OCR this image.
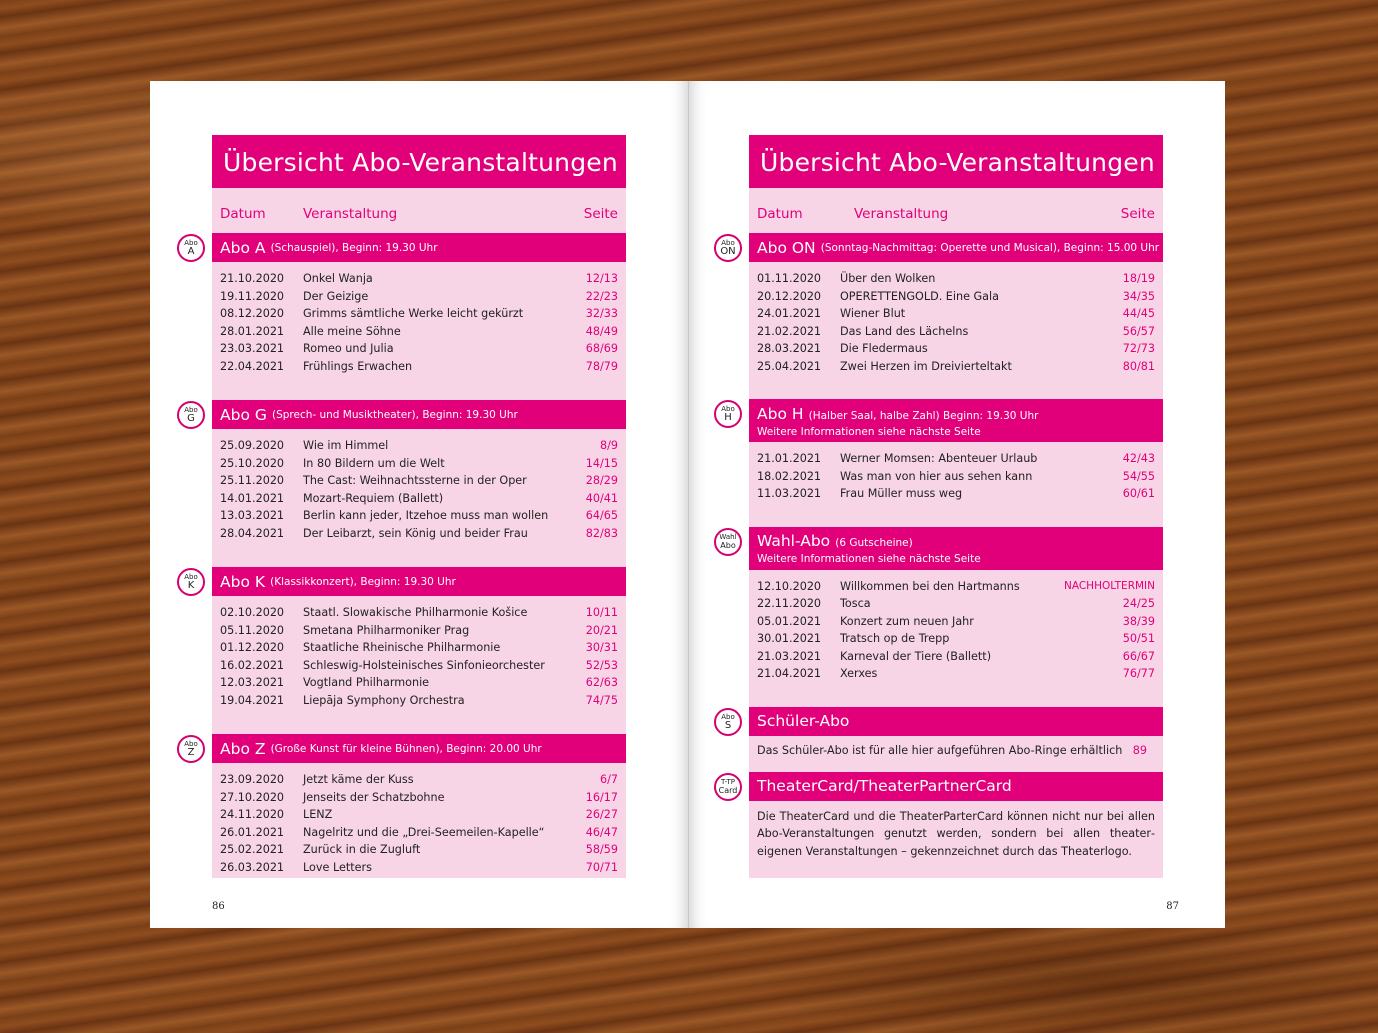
Übersicht Abo-Veranstaltungen
Datum	Veranstaltung	Seite
Abo
A Abo A
(Schauspiel), Beginn: 19.30 Uhr
21.10.2020 Onkel Wanja	12/13
19.11.2020 Der Geizige	22/23
08.12.2020 Grimms sämtliche Werke leicht gekürzt	32/33
28.01.2021 Alle meine Söhne	48/49
23.03.2021 Romeo und Julia	68/69
22.04.2021 Frühlings Erwachen	78/79
Abo
G Abo G
(Sprech- und Musiktheater), Beginn: 19.30 Uhr
25.09.2020 Wie im Himmel	8/9
25.10.2020 In 80 Bildern um die Welt	14/15
25.11.2020 The Cast: Weihnachtssterne in der Oper	28/29
14.01.2021 Mozart-Requiem (Ballett)	40/41
13.03.2021 Berlin kann jeder, Itzehoe muss man wollen	64/65
28.04.2021 Der Leibarzt, sein König und beider Frau	82/83
Abo
K Abo K
(Klassikkonzert), Beginn: 19.30 Uhr
02.10.2020 Staatl. Slowakische Philharmonie Košice	10/11
05.11.2020 Smetana Philharmoniker Prag	20/21
01.12.2020 Staatliche Rheinische Philharmonie	30/31
16.02.2021 Schleswig-Holsteinisches Sinfonieorchester	52/53
12.03.2021 Vogtland Philharmonie	62/63
19.04.2021 Liepāja Symphony Orchestra	74/75
Abo
Z Abo Z
(Große Kunst für kleine Bühnen), Beginn: 20.00 Uhr
23.09.2020 Jetzt käme der Kuss	6/7
27.10.2020 Jenseits der Schatzbohne	16/17
24.11.2020 LENZ	26/27
26.01.2021 Nagelritz und die „Drei-Seemeilen-Kapelle“	46/47
25.02.2021 Zurück in die Zugluft	58/59
26.03.2021 Love Letters	70/71
86
Übersicht Abo-Veranstaltungen
Datum	Veranstaltung	Seite
Abo
ON Abo ON
(Sonntag-Nachmittag: Operette und Musical), Beginn: 15.00 Uhr
01.11.2020 Über den Wolken	18/19
20.12.2020 OPERETTENGOLD. Eine Gala	34/35
24.01.2021 Wiener Blut	44/45
21.02.2021 Das Land des Lächelns	56/57
28.03.2021 Die Fledermaus	72/73
25.04.2021 Zwei Herzen im Dreivierteltakt	80/81
Abo
H Abo H (Halber Saal, halbe Zahl) Beginn: 19.30 Uhr
Weitere Informationen siehe nächste Seite
21.01.2021 Werner Momsen: Abenteuer Urlaub	42/43
18.02.2021 Was man von hier aus sehen kann	54/55
11.03.2021 Frau Müller muss weg	60/61
Wahl
Abo Wahl-Abo (6 Gutscheine)
Weitere Informationen siehe nächste Seite
12.10.2020 Willkommen bei den Hartmanns	NACHHOLTERMIN
22.11.2020 Tosca	24/25
05.01.2021 Konzert zum neuen Jahr	38/39
30.01.2021 Tratsch op de Trepp	50/51
21.03.2021 Karneval der Tiere (Ballett)	66/67
21.04.2021 Xerxes	76/77
Abo
S Schüler-Abo
Das Schüler-Abo ist für alle hier aufgeführen Abo-Ringe erhältlich 89
T-TP
Card TheaterCard/TheaterPartnerCard
Die TheaterCard und die TheaterParterCard können nicht nur bei allen Abo-Veranstaltungen genutzt werden, sondern bei allen theatereigenen Veranstaltungen – gekennzeichnet durch das Theaterlogo.
87
